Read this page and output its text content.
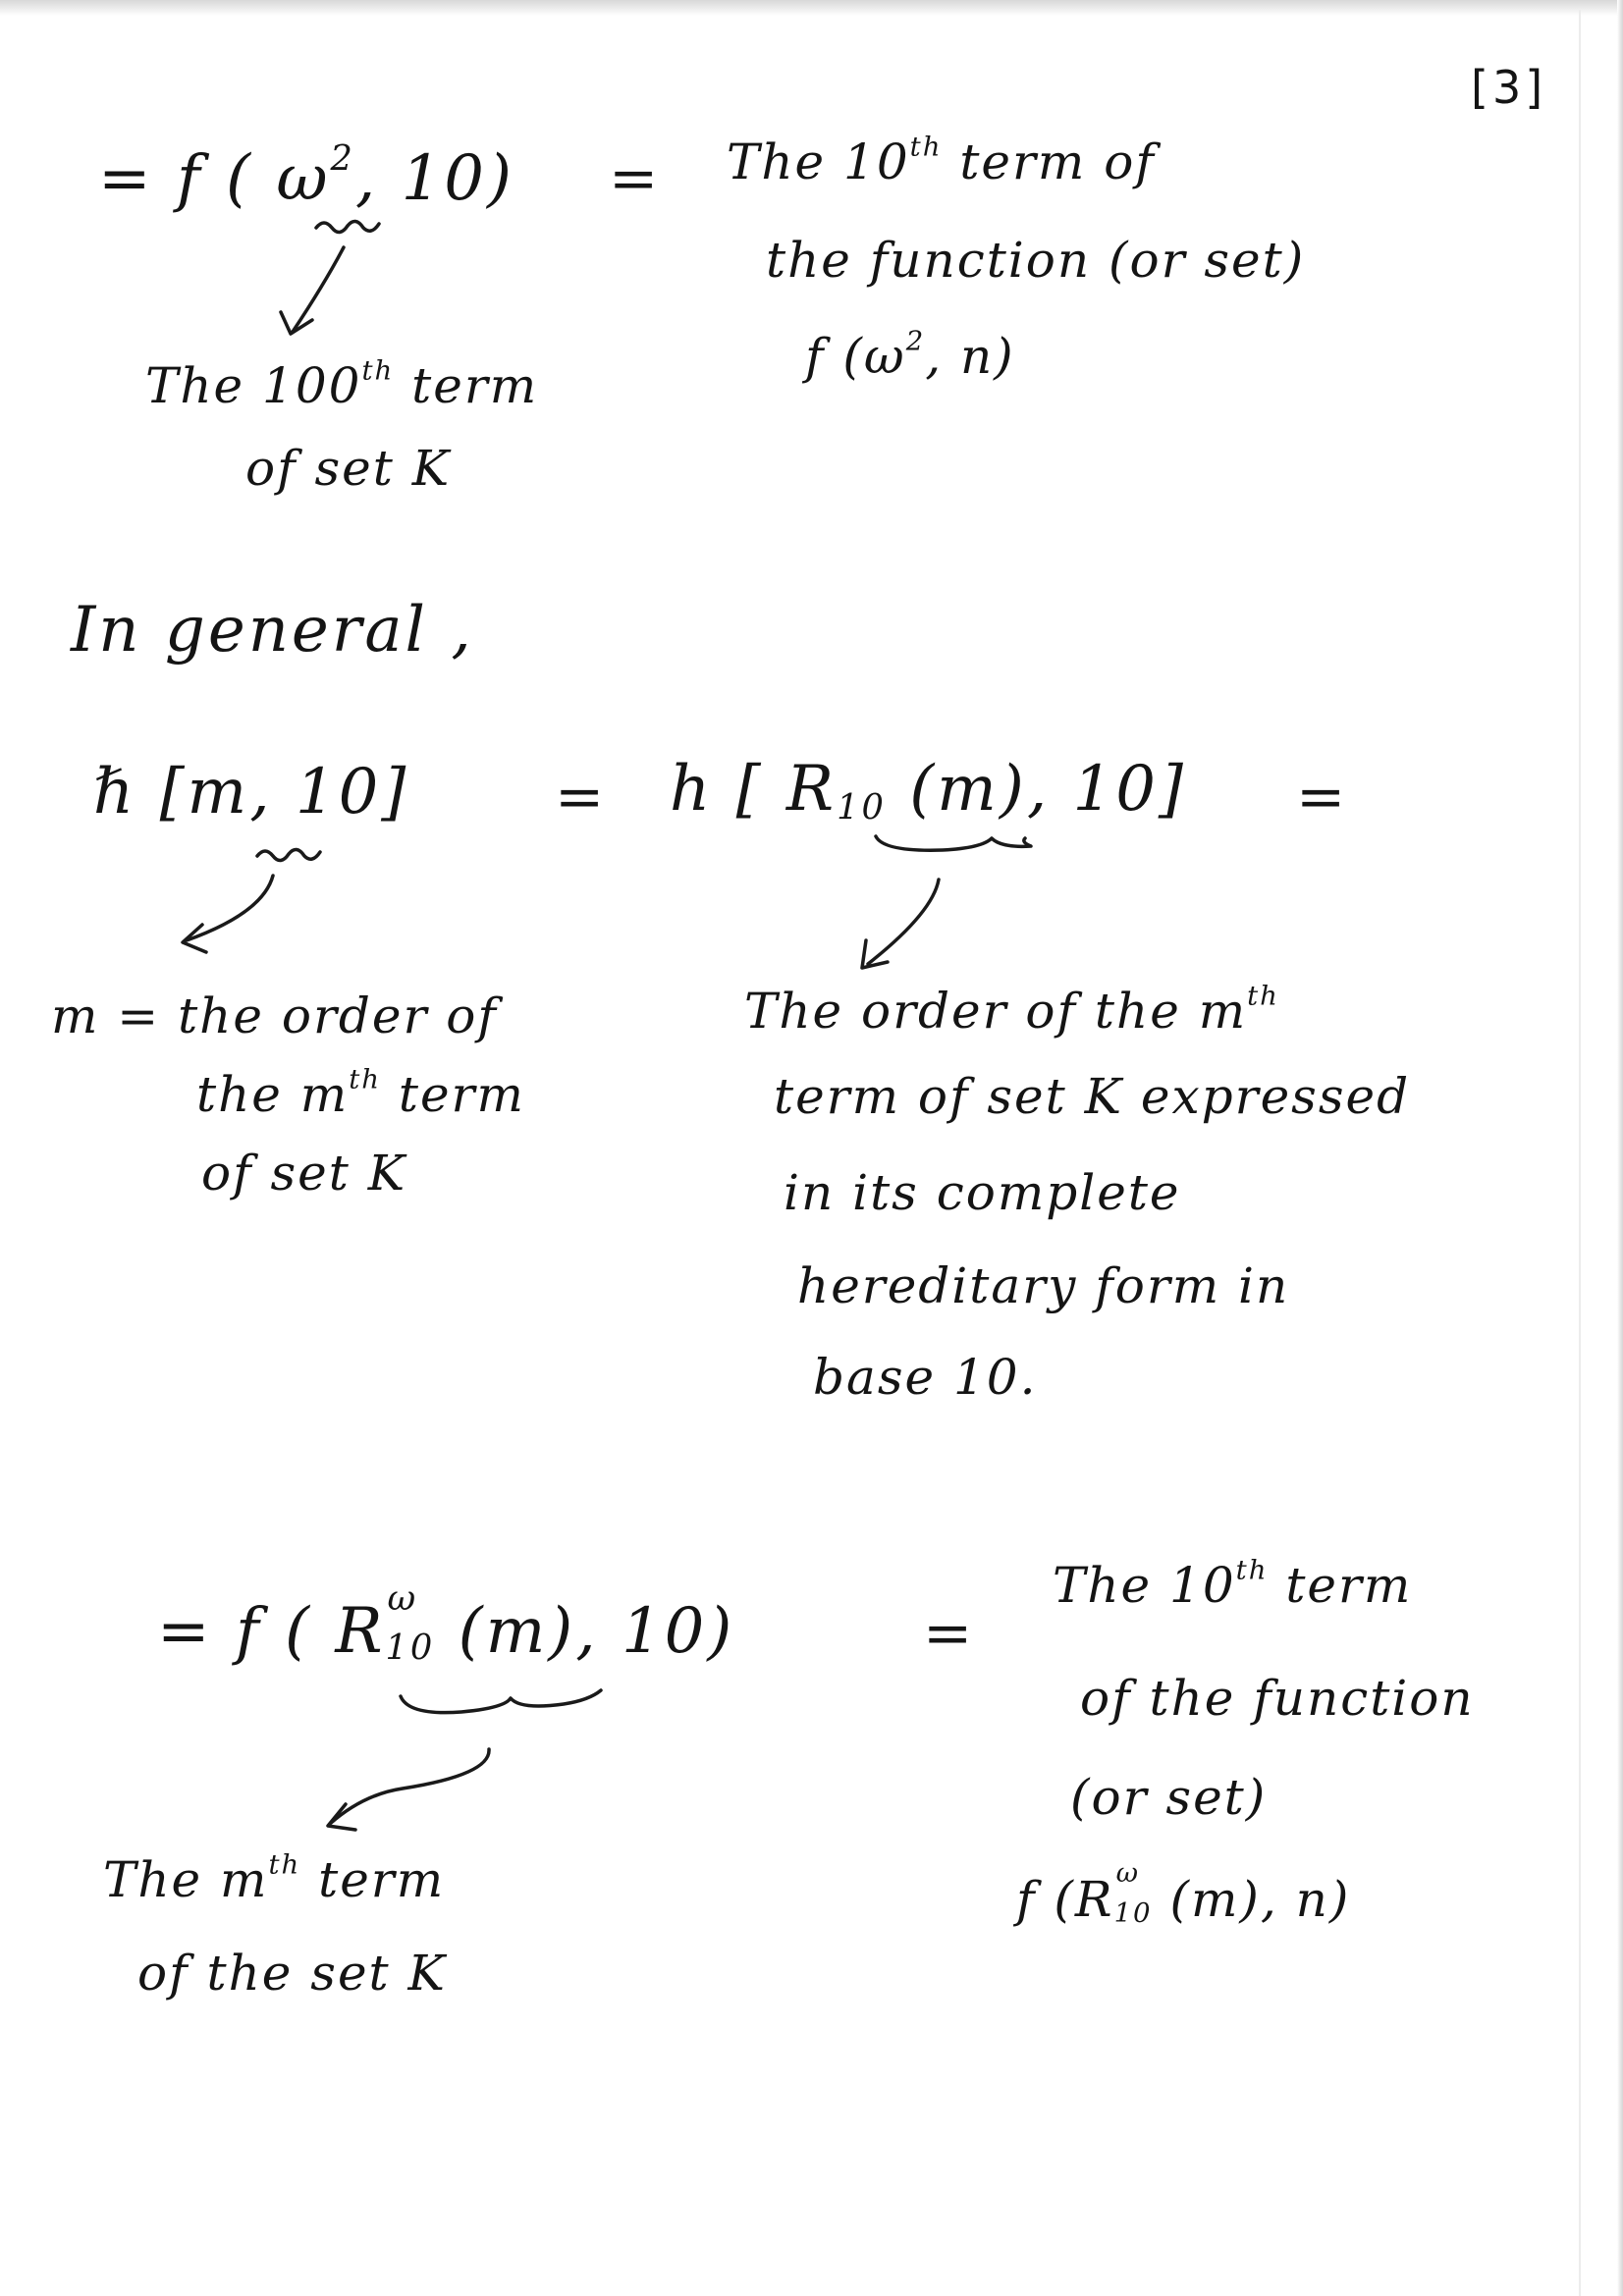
[3]
= f ( $\omega^2$, 10) = The 10th term of
the function (or set)
f ($\omega^2$, n)
The 100th term
of set K
In general ,
ℏ [m, 10] = h [ $R_{10}$ (m), 10] =
m = the order of
the $m^{th}$ term
of set K
The order of the $m^{th}$
term of set K expressed
in its complete
hereditary form in
base 10.
= f ( R ω
10 (m), 10)	=
The 10th term
of the function
(or set)
f (R ω
10 (m), n)
The $m^{th}$ term
of the set K
